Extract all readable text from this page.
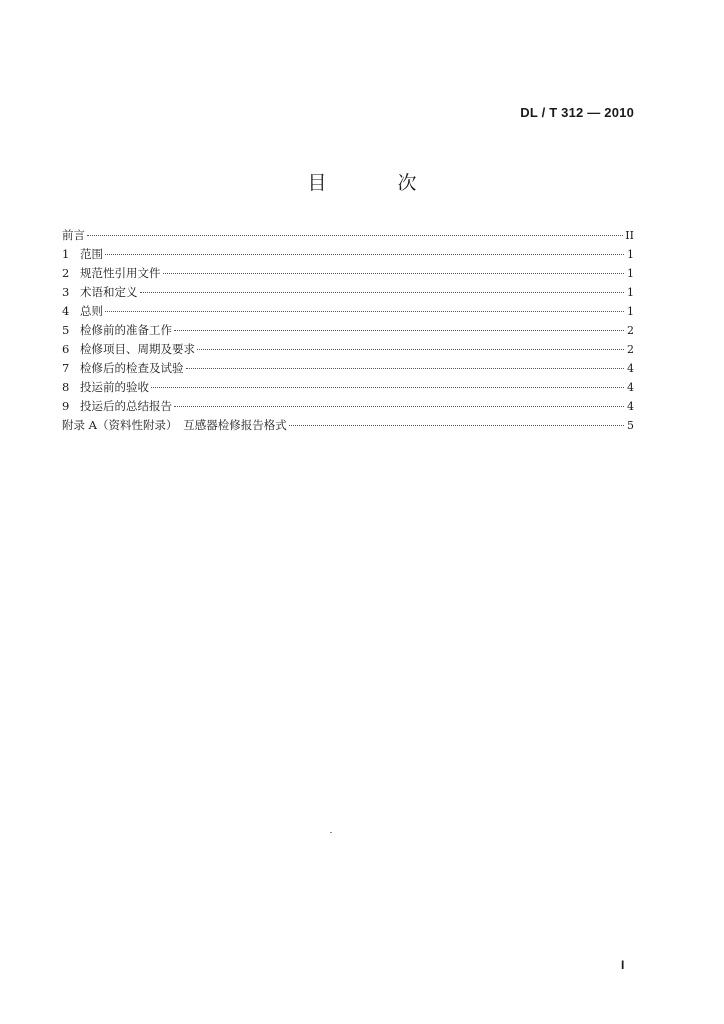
DL / T 312 — 2010
目　次
前言	II
1 范围	1
2 规范性引用文件	1
3 术语和定义	1
4 总则	1
5 检修前的准备工作	2
6 检修项目、周期及要求	2
7 检修后的检查及试验	4
8 投运前的验收	4
9 投运后的总结报告	4
附录 A（资料性附录）　互感器检修报告格式	5
I
